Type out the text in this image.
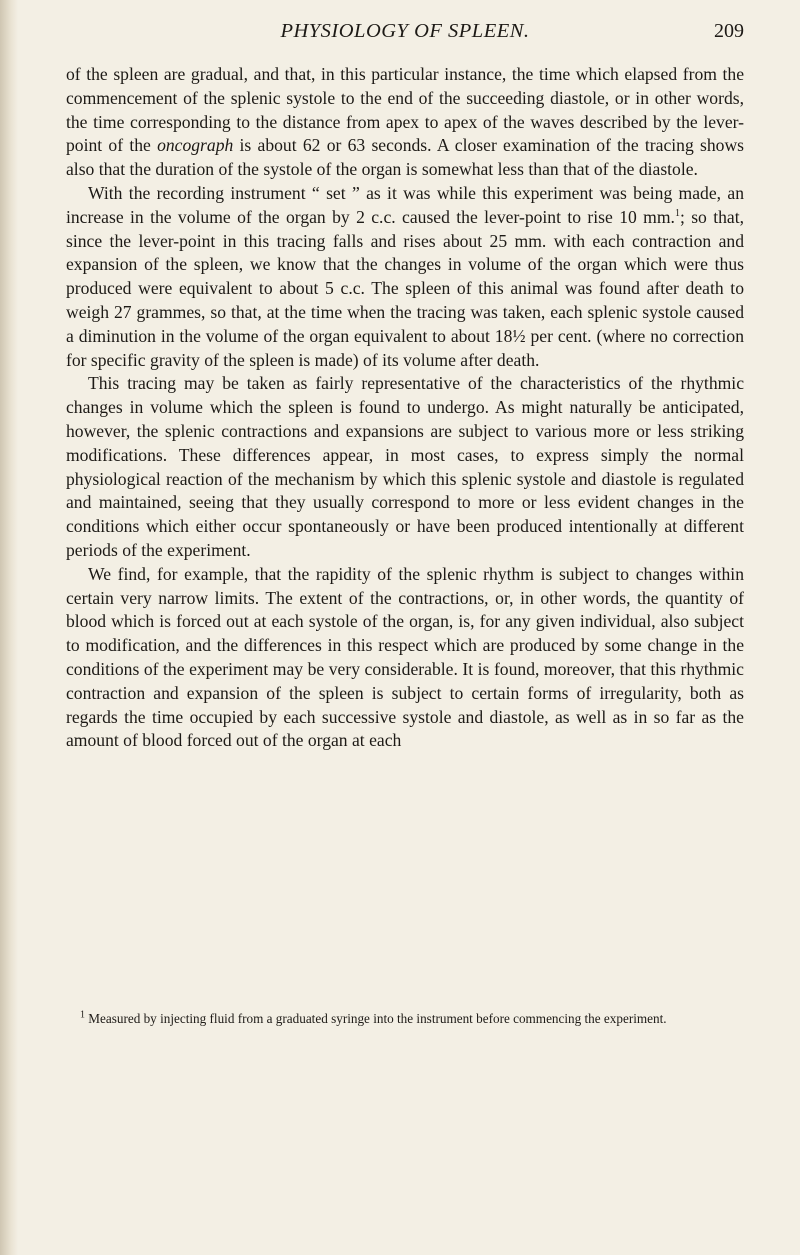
PHYSIOLOGY OF SPLEEN.	209

of the spleen are gradual, and that, in this particular instance, the time which elapsed from the commencement of the splenic systole to the end of the succeeding diastole, or in other words, the time corresponding to the distance from apex to apex of the waves described by the lever-point of the oncograph is about 62 or 63 seconds. A closer examination of the tracing shows also that the duration of the systole of the organ is somewhat less than that of the diastole.

With the recording instrument “ set ” as it was while this experiment was being made, an increase in the volume of the organ by 2 c.c. caused the lever-point to rise 10 mm.$^1$; so that, since the lever-point in this tracing falls and rises about 25 mm. with each contraction and expansion of the spleen, we know that the changes in volume of the organ which were thus produced were equivalent to about 5 c.c. The spleen of this animal was found after death to weigh 27 grammes, so that, at the time when the tracing was taken, each splenic systole caused a diminution in the volume of the organ equivalent to about 18½ per cent. (where no correction for specific gravity of the spleen is made) of its volume after death.

This tracing may be taken as fairly representative of the characteristics of the rhythmic changes in volume which the spleen is found to undergo. As might naturally be anticipated, however, the splenic contractions and expansions are subject to various more or less striking modifications. These differences appear, in most cases, to express simply the normal physiological reaction of the mechanism by which this splenic systole and diastole is regulated and maintained, seeing that they usually correspond to more or less evident changes in the conditions which either occur spontaneously or have been produced intentionally at different periods of the experiment.

We find, for example, that the rapidity of the splenic rhythm is subject to changes within certain very narrow limits. The extent of the contractions, or, in other words, the quantity of blood which is forced out at each systole of the organ, is, for any given individual, also subject to modification, and the differences in this respect which are produced by some change in the conditions of the experiment may be very considerable. It is found, moreover, that this rhythmic contraction and expansion of the spleen is subject to certain forms of irregularity, both as regards the time occupied by each successive systole and diastole, as well as in so far as the amount of blood forced out of the organ at each

$^1$ Measured by injecting fluid from a graduated syringe into the instrument before commencing the experiment.
